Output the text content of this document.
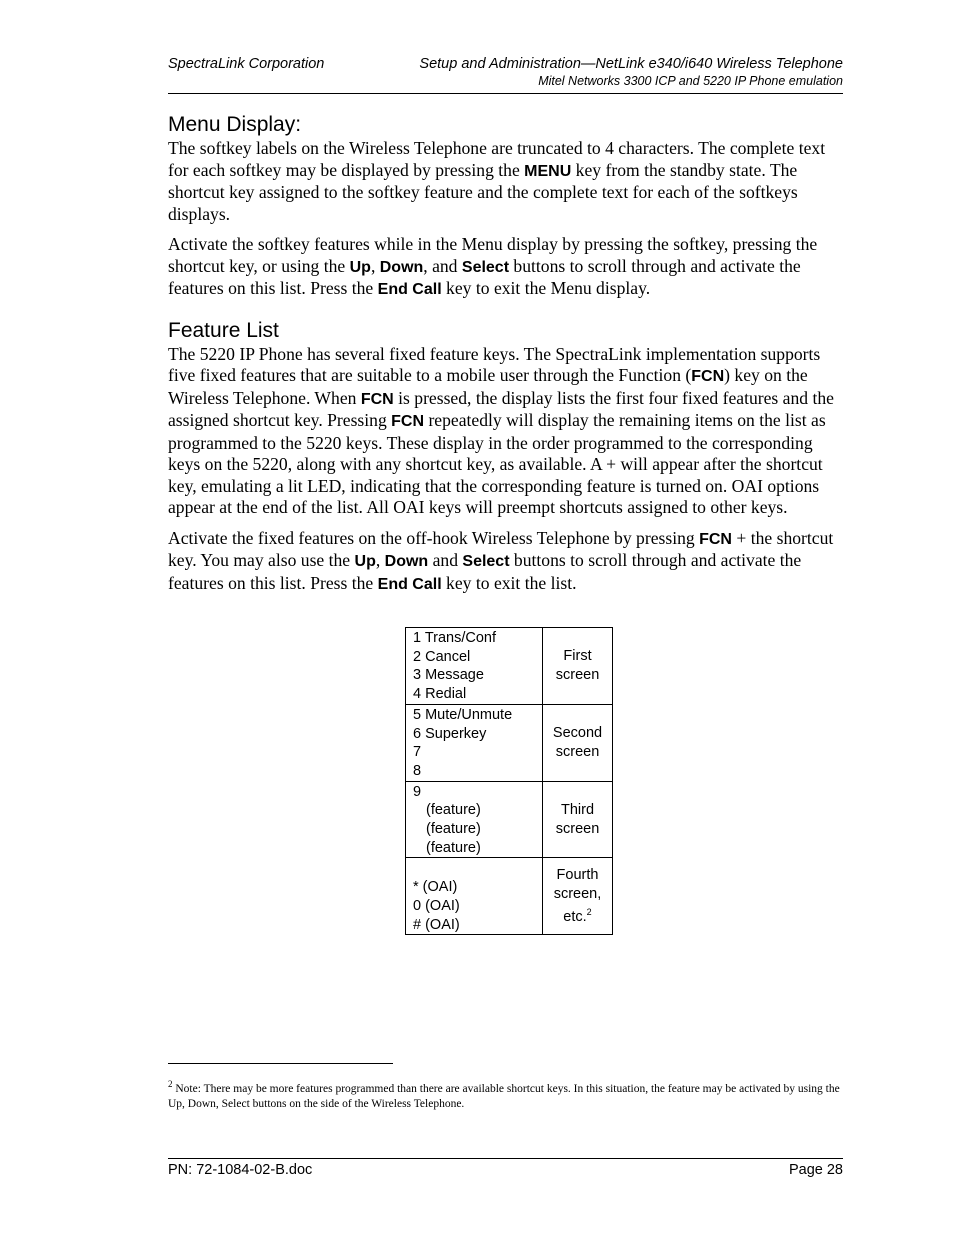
SpectraLink Corporation	Setup and Administration—NetLink e340/i640 Wireless Telephone
Mitel Networks 3300 ICP and 5220 IP Phone emulation
Menu Display:

The softkey labels on the Wireless Telephone are truncated to 4 characters. The complete text for each softkey may be displayed by pressing the MENU key from the standby state. The shortcut key assigned to the softkey feature and the complete text for each of the softkeys displays.

Activate the softkey features while in the Menu display by pressing the softkey, pressing the shortcut key, or using the Up, Down, and Select buttons to scroll through and activate the features on this list. Press the End Call key to exit the Menu display.

Feature List

The 5220 IP Phone has several fixed feature keys. The SpectraLink implementation supports five fixed features that are suitable to a mobile user through the Function (FCN) key on the Wireless Telephone. When FCN is pressed, the display lists the first four fixed features and the assigned shortcut key. Pressing FCN repeatedly will display the remaining items on the list as programmed to the 5220 keys. These display in the order programmed to the corresponding keys on the 5220, along with any shortcut key, as available. A + will appear after the shortcut key, emulating a lit LED, indicating that the corresponding feature is turned on. OAI options appear at the end of the list. All OAI keys will preempt shortcuts assigned to other keys.

Activate the fixed features on the off-hook Wireless Telephone by pressing FCN + the shortcut key. You may also use the Up, Down and Select buttons to scroll through and activate the features on this list. Press the End Call key to exit the list.

1 Trans/Conf
2 Cancel
3 Message
4 Redial	First
screen

5 Mute/Unmute
6 Superkey
7
8	Second
screen

9
(feature)
(feature)
(feature)	Third
screen

* (OAI)
0 (OAI)
# (OAI)	Fourth
screen,
etc.$^2$
$^2$ Note: There may be more features programmed than there are available shortcut keys. In this situation, the feature may be activated by using the Up, Down, Select buttons on the side of the Wireless Telephone.
PN: 72-1084-02-B.doc	Page 28
